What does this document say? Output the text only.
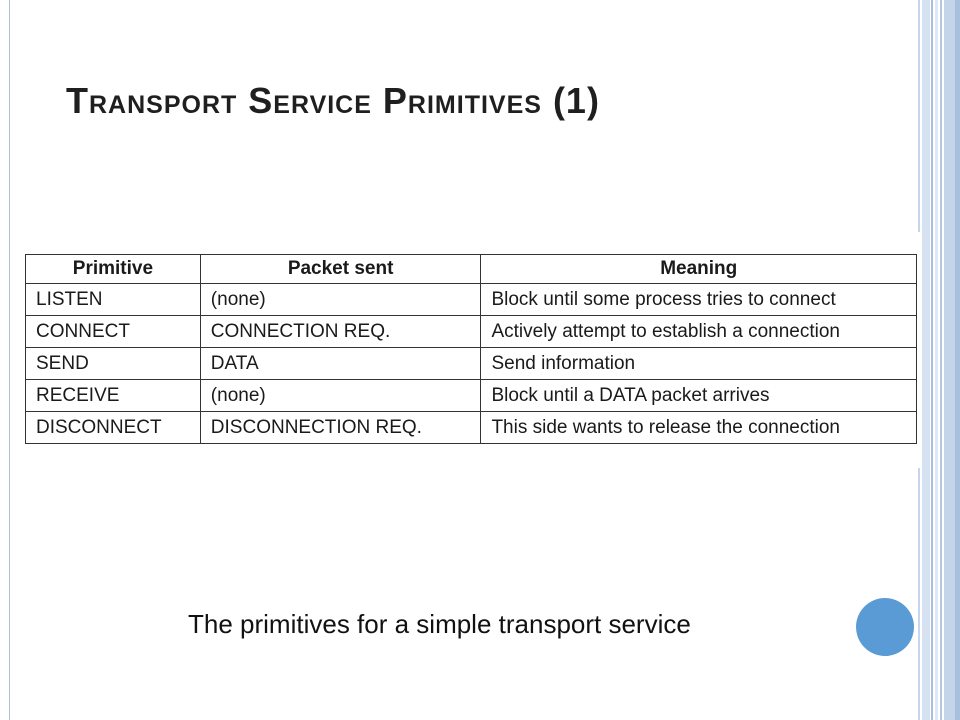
Transport Service Primitives (1)
Primitive	Packet sent	Meaning
LISTEN	(none)	Block until some process tries to connect
CONNECT	CONNECTION REQ.	Actively attempt to establish a connection
SEND	DATA	Send information
RECEIVE	(none)	Block until a DATA packet arrives
DISCONNECT	DISCONNECTION REQ.	This side wants to release the connection
The primitives for a simple transport service
